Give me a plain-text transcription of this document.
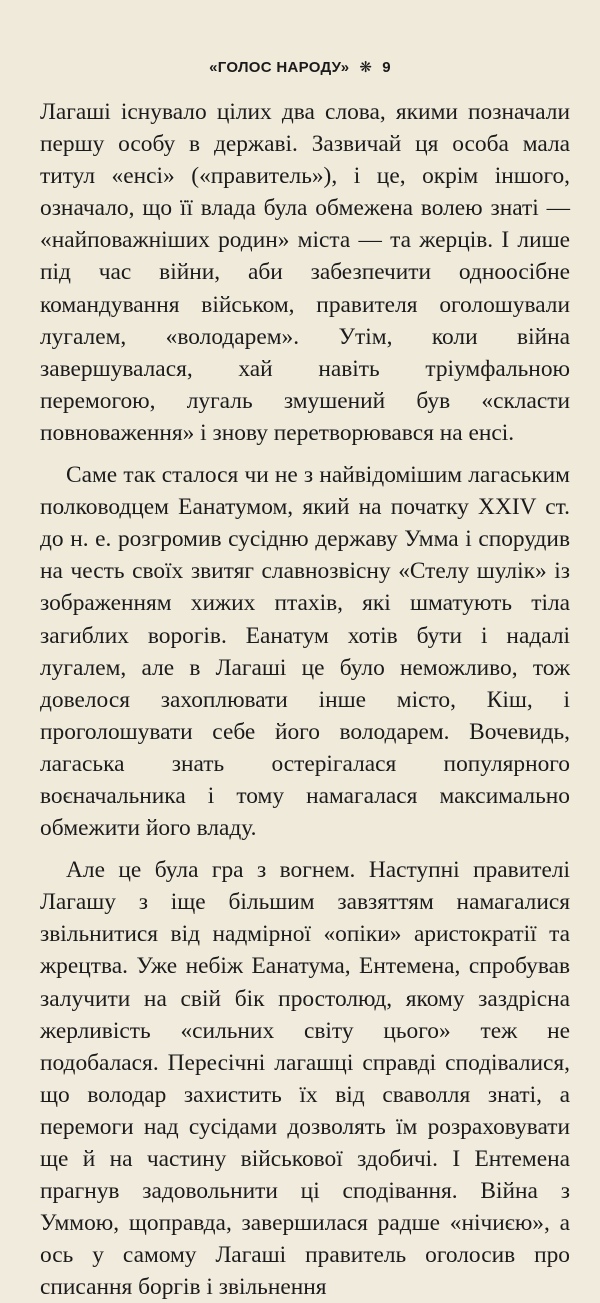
«ГОЛОС НАРОДУ» ❋ 9

Лагаші існувало цілих два слова, якими позначали першу особу в державі. Зазвичай ця особа мала титул «енсі» («правитель»), і це, окрім іншого, означало, що її влада була обмежена волею знаті — «найповажніших родин» міста — та жерців. І лише під час війни, аби забезпечити одноосібне командування військом, правителя оголошували лугалем, «володарем». Утім, коли війна завершувалася, хай навіть тріумфальною перемогою, лугаль змушений був «скласти повноваження» і знову перетворювався на енсі.

Саме так сталося чи не з найвідомішим лагаським полководцем Еанатумом, який на початку XXIV ст. до н. е. розгромив сусідню державу Умма і спорудив на честь своїх звитяг славнозвісну «Стелу шулік» із зображенням хижих птахів, які шматують тіла загиблих ворогів. Еанатум хотів бути і надалі лугалем, але в Лагаші це було неможливо, тож довелося захоплювати інше місто, Кіш, і проголошувати себе його володарем. Вочевидь, лагаська знать остерігалася популярного воєначальника і тому намагалася максимально обмежити його владу.

Але це була гра з вогнем. Наступні правителі Лагашу з іще більшим завзяттям намагалися звільнитися від надмірної «опіки» аристократії та жрецтва. Уже небіж Еанатума, Ентемена, спробував залучити на свій бік простолюд, якому заздрісна жерливість «сильних світу цього» теж не подобалася. Пересічні лагашці справді сподівалися, що володар захистить їх від сваволля знаті, а перемоги над сусідами дозволять їм розраховувати ще й на частину військової здобичі. І Ентемена прагнув задовольнити ці сподівання. Війна з Уммою, щоправда, завершилася радше «нічиєю», а ось у самому Лагаші правитель оголосив про списання боргів і звільнення
